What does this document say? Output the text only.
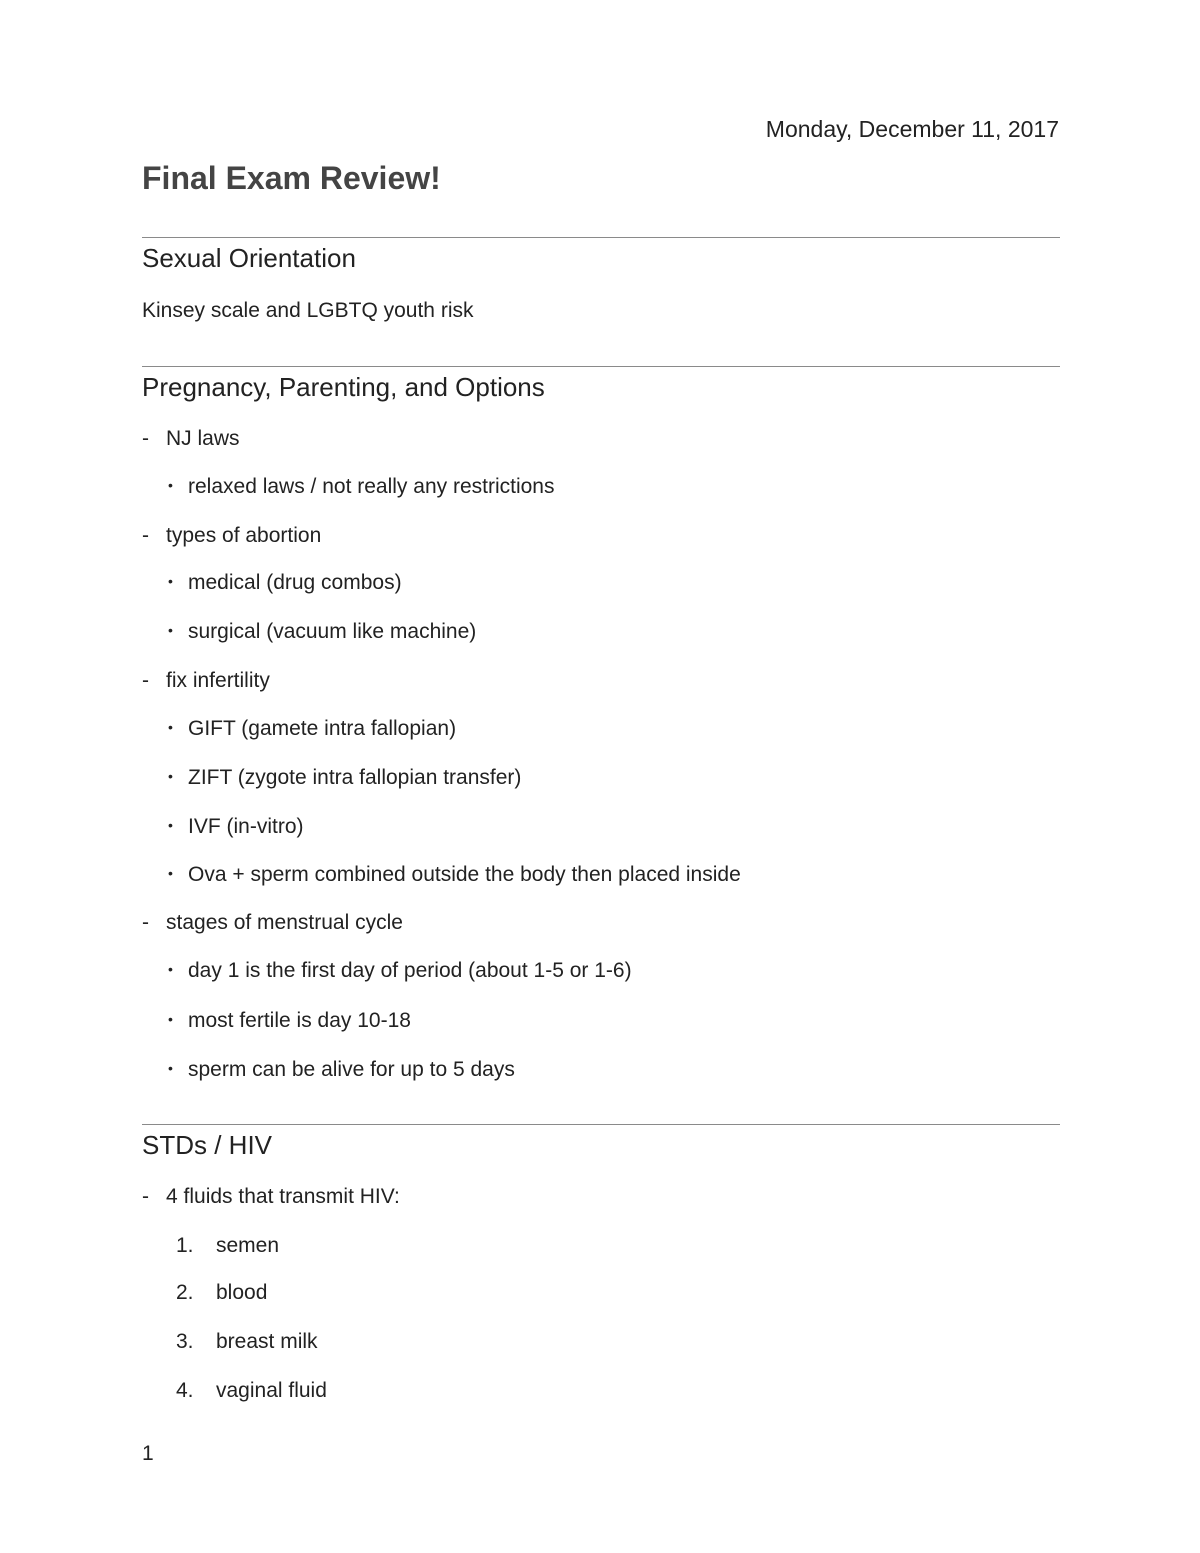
Monday, December 11, 2017
Final Exam Review!
Sexual Orientation
Kinsey scale and LGBTQ youth risk
Pregnancy, Parenting, and Options
- NJ laws
• relaxed laws / not really any restrictions
- types of abortion
• medical (drug combos)
• surgical (vacuum like machine)
- fix infertility
• GIFT (gamete intra fallopian)
• ZIFT (zygote intra fallopian transfer)
• IVF (in-vitro)
• Ova + sperm combined outside the body then placed inside
- stages of menstrual cycle
• day 1 is the first day of period (about 1-5 or 1-6)
• most fertile is day 10-18
• sperm can be alive for up to 5 days
STDs / HIV
- 4 fluids that transmit HIV:
1. semen
2. blood
3. breast milk
4. vaginal fluid
1
